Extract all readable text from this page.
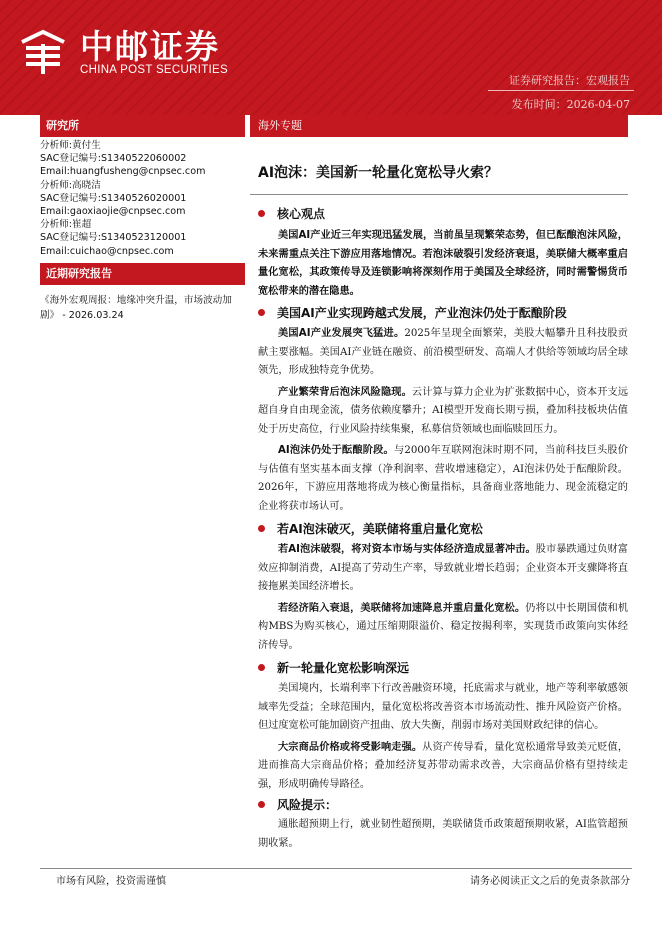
中邮证券
CHINA POST SECURITIES
证券研究报告：宏观报告
发布时间：2026-04-07
研究所
分析师:黄付生
SAC登记编号:S1340522060002
Email:huangfusheng@cnpsec.com
分析师:高晓洁
SAC登记编号:S1340526020001
Email:gaoxiaojie@cnpsec.com
分析师:崔超
SAC登记编号:S1340523120001
Email:cuichao@cnpsec.com
近期研究报告
《海外宏观周报：地缘冲突升温，市场波动加剧》 - 2026.03.24
海外专题
AI泡沫：美国新一轮量化宽松导火索？
核心观点

美国AI产业近三年实现迅猛发展，当前虽呈现繁荣态势，但已酝酿泡沫风险，未来需重点关注下游应用落地情况。若泡沫破裂引发经济衰退，美联储大概率重启量化宽松，其政策传导及连锁影响将深刻作用于美国及全球经济，同时需警惕货币宽松带来的潜在隐患。

美国AI产业实现跨越式发展，产业泡沫仍处于酝酿阶段

美国AI产业发展突飞猛进。2025年呈现全面繁荣，美股大幅攀升且科技股贡献主要涨幅。美国AI产业链在融资、前沿模型研发、高端人才供给等领域均居全球领先，形成独特竞争优势。

产业繁荣背后泡沫风险隐现。云计算与算力企业为扩张数据中心，资本开支远超自身自由现金流，债务依赖度攀升；AI模型开发商长期亏损，叠加科技板块估值处于历史高位，行业风险持续集聚，私募信贷领域也面临赎回压力。

AI泡沫仍处于酝酿阶段。与2000年互联网泡沫时期不同，当前科技巨头股价与估值有坚实基本面支撑（净利润率、营收增速稳定），AI泡沫仍处于酝酿阶段。2026年，下游应用落地将成为核心衡量指标，具备商业落地能力、现金流稳定的企业将获市场认可。

若AI泡沫破灭，美联储将重启量化宽松

若AI泡沫破裂，将对资本市场与实体经济造成显著冲击。股市暴跌通过负财富效应抑制消费，AI提高了劳动生产率，导致就业增长趋弱；企业资本开支骤降将直接拖累美国经济增长。

若经济陷入衰退，美联储将加速降息并重启量化宽松。仍将以中长期国债和机构MBS为购买核心，通过压缩期限溢价、稳定按揭利率，实现货币政策向实体经济传导。

新一轮量化宽松影响深远

美国境内，长端利率下行改善融资环境，托底需求与就业，地产等利率敏感领域率先受益；全球范围内，量化宽松将改善资本市场流动性、推升风险资产价格。但过度宽松可能加剧资产扭曲、放大失衡，削弱市场对美国财政纪律的信心。

大宗商品价格或将受影响走强。从资产传导看，量化宽松通常导致美元贬值，进而推高大宗商品价格；叠加经济复苏带动需求改善，大宗商品价格有望持续走强，形成明确传导路径。

风险提示：

通胀超预期上行，就业韧性超预期，美联储货币政策超预期收紧，AI监管超预期收紧。

市场有风险，投资需谨慎	请务必阅读正文之后的免责条款部分
